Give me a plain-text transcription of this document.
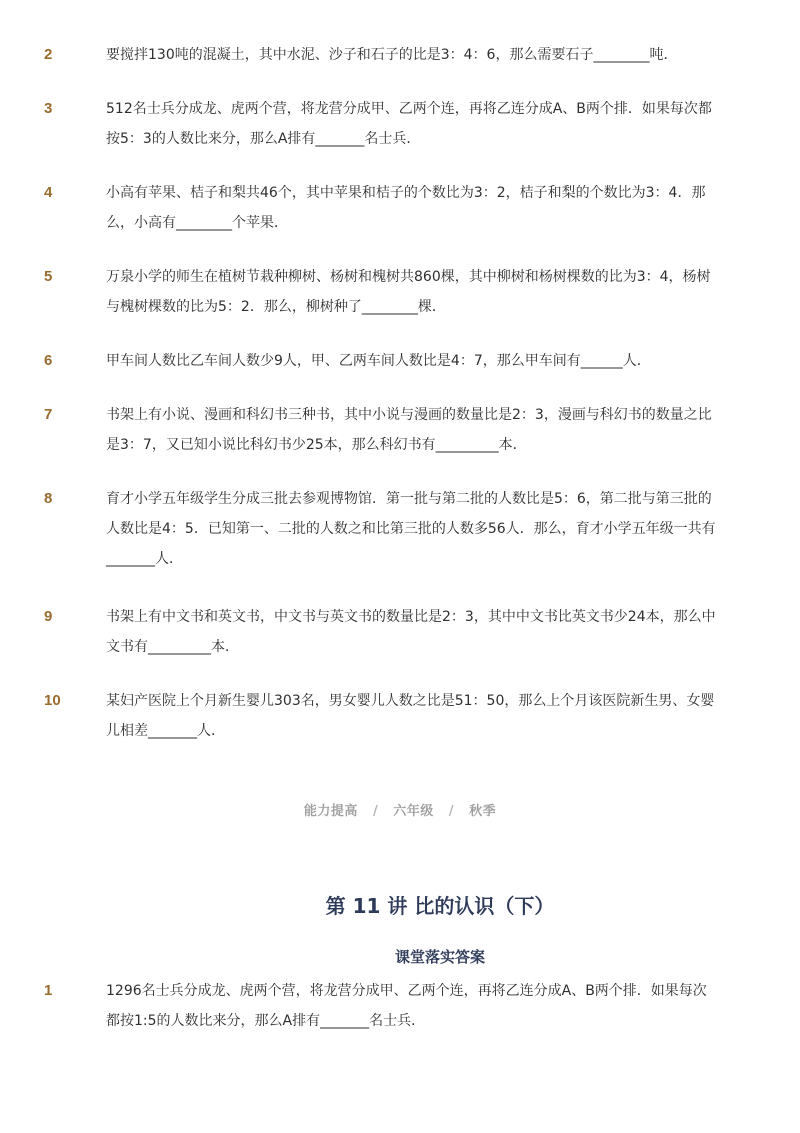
2	要搅拌130吨的混凝土，其中水泥、沙子和石子的比是3：4：6，那么需要石子________吨．
3	512名士兵分成龙、虎两个营，将龙营分成甲、乙两个连，再将乙连分成A、B两个排．如果每次都按5：3的人数比来分，那么A排有_______名士兵．
4	小高有苹果、桔子和梨共46个，其中苹果和桔子的个数比为3：2，桔子和梨的个数比为3：4．那么，小高有________个苹果．
5	万泉小学的师生在植树节栽种柳树、杨树和槐树共860棵，其中柳树和杨树棵数的比为3：4，杨树与槐树棵数的比为5：2．那么，柳树种了________棵．
6	甲车间人数比乙车间人数少9人，甲、乙两车间人数比是4：7，那么甲车间有______人．
7	书架上有小说、漫画和科幻书三种书，其中小说与漫画的数量比是2：3，漫画与科幻书的数量之比是3：7，又已知小说比科幻书少25本，那么科幻书有_________本．
8	育才小学五年级学生分成三批去参观博物馆．第一批与第二批的人数比是5：6，第二批与第三批的人数比是4：5．已知第一、二批的人数之和比第三批的人数多56人．那么，育才小学五年级一共有_______人．
9	书架上有中文书和英文书，中文书与英文书的数量比是2：3，其中中文书比英文书少24本，那么中文书有_________本．
10	某妇产医院上个月新生婴儿303名，男女婴儿人数之比是51：50，那么上个月该医院新生男、女婴儿相差_______人．
能力提高 / 六年级 / 秋季
第 11 讲 比的认识（下）
课堂落实答案
1	1296名士兵分成龙、虎两个营，将龙营分成甲、乙两个连，再将乙连分成A、B两个排．如果每次都按1:5的人数比来分，那么A排有_______名士兵．
